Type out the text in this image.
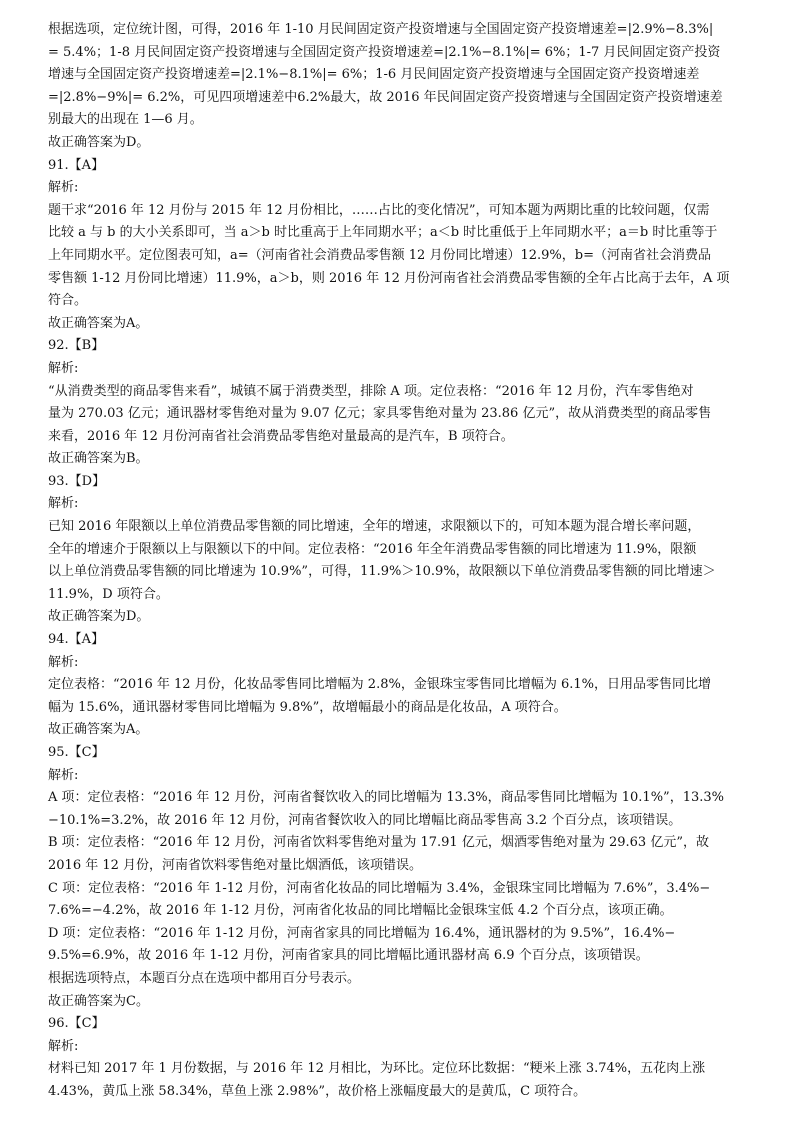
根据选项，定位统计图，可得，2016 年 1-10 月民间固定资产投资增速与全国固定资产投资增速差=|2.9%−8.3%|
= 5.4%；1-8 月民间固定资产投资增速与全国固定资产投资增速差=|2.1%−8.1%|= 6%；1-7 月民间固定资产投资
增速与全国固定资产投资增速差=|2.1%−8.1%|= 6%；1-6 月民间固定资产投资增速与全国固定资产投资增速差
=|2.8%−9%|= 6.2%，可见四项增速差中6.2%最大，故 2016 年民间固定资产投资增速与全国固定资产投资增速差
别最大的出现在 1—6 月。
故正确答案为D。
91.【A】
解析:
题干求“2016 年 12 月份与 2015 年 12 月份相比，……占比的变化情况”，可知本题为两期比重的比较问题，仅需
比较 a 与 b 的大小关系即可，当 a＞b 时比重高于上年同期水平；a＜b 时比重低于上年同期水平；a＝b 时比重等于
上年同期水平。定位图表可知，a=（河南省社会消费品零售额 12 月份同比增速）12.9%，b=（河南省社会消费品
零售额 1-12 月份同比增速）11.9%，a＞b，则 2016 年 12 月份河南省社会消费品零售额的全年占比高于去年，A 项
符合。
故正确答案为A。
92.【B】
解析:
“从消费类型的商品零售来看”，城镇不属于消费类型，排除 A 项。定位表格：“2016 年 12 月份，汽车零售绝对
量为 270.03 亿元；通讯器材零售绝对量为 9.07 亿元；家具零售绝对量为 23.86 亿元”，故从消费类型的商品零售
来看，2016 年 12 月份河南省社会消费品零售绝对量最高的是汽车，B 项符合。
故正确答案为B。
93.【D】
解析:
已知 2016 年限额以上单位消费品零售额的同比增速，全年的增速，求限额以下的，可知本题为混合增长率问题，
全年的增速介于限额以上与限额以下的中间。定位表格：“2016 年全年消费品零售额的同比增速为 11.9%，限额
以上单位消费品零售额的同比增速为 10.9%”，可得，11.9%＞10.9%，故限额以下单位消费品零售额的同比增速＞
11.9%，D 项符合。
故正确答案为D。
94.【A】
解析:
定位表格：“2016 年 12 月份，化妆品零售同比增幅为 2.8%，金银珠宝零售同比增幅为 6.1%，日用品零售同比增
幅为 15.6%，通讯器材零售同比增幅为 9.8%”，故增幅最小的商品是化妆品，A 项符合。
故正确答案为A。
95.【C】
解析:
A 项：定位表格：“2016 年 12 月份，河南省餐饮收入的同比增幅为 13.3%，商品零售同比增幅为 10.1%”，13.3%
−10.1%=3.2%，故 2016 年 12 月份，河南省餐饮收入的同比增幅比商品零售高 3.2 个百分点，该项错误。
B 项：定位表格：“2016 年 12 月份，河南省饮料零售绝对量为 17.91 亿元，烟酒零售绝对量为 29.63 亿元”，故
2016 年 12 月份，河南省饮料零售绝对量比烟酒低，该项错误。
C 项：定位表格：“2016 年 1-12 月份，河南省化妆品的同比增幅为 3.4%，金银珠宝同比增幅为 7.6%”，3.4%−
7.6%=−4.2%，故 2016 年 1-12 月份，河南省化妆品的同比增幅比金银珠宝低 4.2 个百分点，该项正确。
D 项：定位表格：“2016 年 1-12 月份，河南省家具的同比增幅为 16.4%，通讯器材的为 9.5%”，16.4%−
9.5%=6.9%，故 2016 年 1-12 月份，河南省家具的同比增幅比通讯器材高 6.9 个百分点，该项错误。
根据选项特点，本题百分点在选项中都用百分号表示。
故正确答案为C。
96.【C】
解析:
材料已知 2017 年 1 月份数据，与 2016 年 12 月相比，为环比。定位环比数据：“粳米上涨 3.74%，五花肉上涨
4.43%，黄瓜上涨 58.34%，草鱼上涨 2.98%”，故价格上涨幅度最大的是黄瓜，C 项符合。
